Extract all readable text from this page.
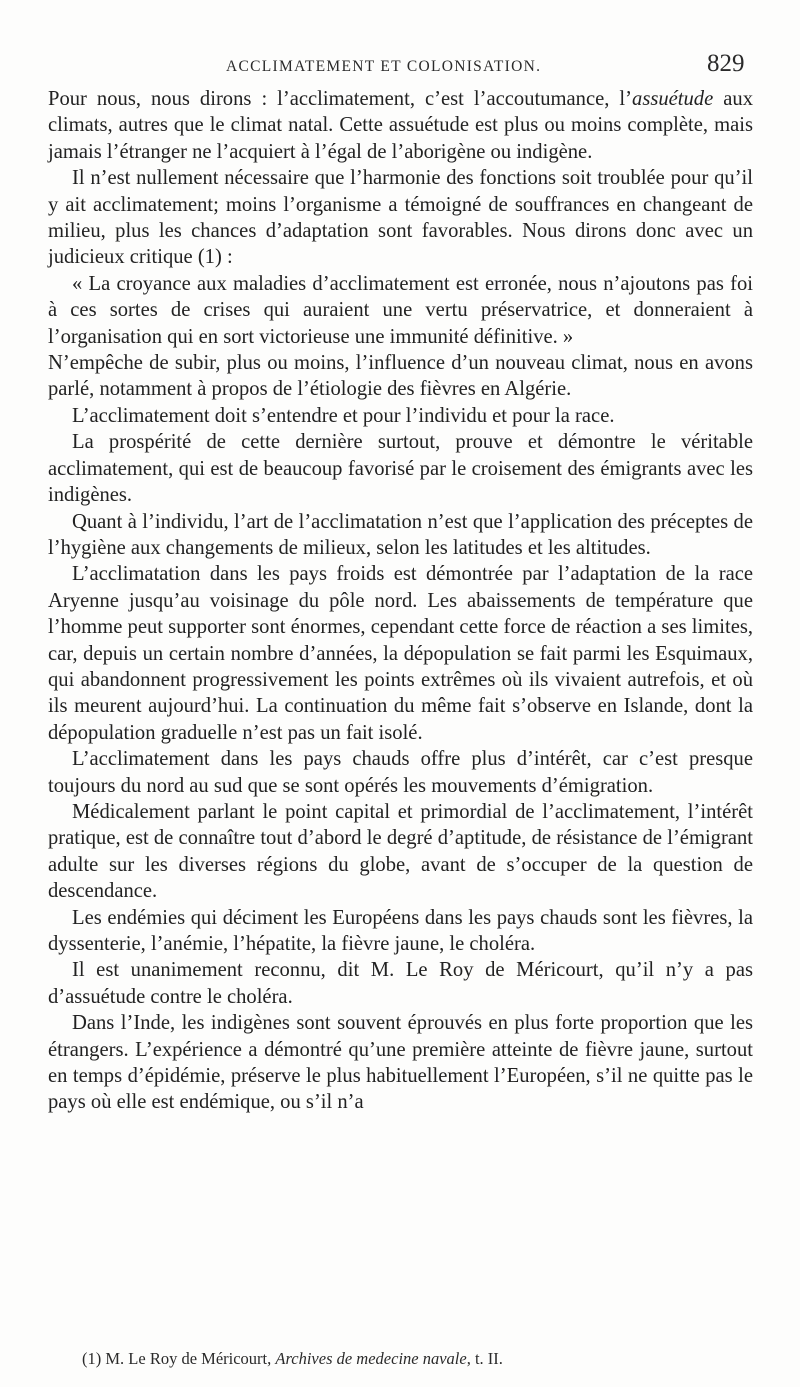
ACCLIMATEMENT ET COLONISATION.	829

Pour nous, nous dirons : l’acclimatement, c’est l’accoutumance, l’assuétude aux climats, autres que le climat natal. Cette assuétude est plus ou moins complète, mais jamais l’étranger ne l’acquiert à l’égal de l’aborigène ou indigène.

Il n’est nullement nécessaire que l’harmonie des fonctions soit troublée pour qu’il y ait acclimatement; moins l’organisme a témoigné de souffrances en changeant de milieu, plus les chances d’adaptation sont favorables. Nous dirons donc avec un judicieux critique (1) :

« La croyance aux maladies d’acclimatement est erronée, nous n’ajoutons pas foi à ces sortes de crises qui auraient une vertu préservatrice, et donneraient à l’organisation qui en sort victorieuse une immunité définitive. »

N’empêche de subir, plus ou moins, l’influence d’un nouveau climat, nous en avons parlé, notamment à propos de l’étiologie des fièvres en Algérie.

L’acclimatement doit s’entendre et pour l’individu et pour la race.

La prospérité de cette dernière surtout, prouve et démontre le véritable acclimatement, qui est de beaucoup favorisé par le croisement des émigrants avec les indigènes.

Quant à l’individu, l’art de l’acclimatation n’est que l’application des préceptes de l’hygiène aux changements de milieux, selon les latitudes et les altitudes.

L’acclimatation dans les pays froids est démontrée par l’adaptation de la race Aryenne jusqu’au voisinage du pôle nord. Les abaissements de température que l’homme peut supporter sont énormes, cependant cette force de réaction a ses limites, car, depuis un certain nombre d’années, la dépopulation se fait parmi les Esquimaux, qui abandonnent progressivement les points extrêmes où ils vivaient autrefois, et où ils meurent aujourd’hui. La continuation du même fait s’observe en Islande, dont la dépopulation graduelle n’est pas un fait isolé.

L’acclimatement dans les pays chauds offre plus d’intérêt, car c’est presque toujours du nord au sud que se sont opérés les mouvements d’émigration.

Médicalement parlant le point capital et primordial de l’acclimatement, l’intérêt pratique, est de connaître tout d’abord le degré d’aptitude, de résistance de l’émigrant adulte sur les diverses régions du globe, avant de s’occuper de la question de descendance.

Les endémies qui déciment les Européens dans les pays chauds sont les fièvres, la dyssenterie, l’anémie, l’hépatite, la fièvre jaune, le choléra.

Il est unanimement reconnu, dit M. Le Roy de Méricourt, qu’il n’y a pas d’assuétude contre le choléra.

Dans l’Inde, les indigènes sont souvent éprouvés en plus forte proportion que les étrangers. L’expérience a démontré qu’une première atteinte de fièvre jaune, surtout en temps d’épidémie, préserve le plus habituellement l’Européen, s’il ne quitte pas le pays où elle est endémique, ou s’il n’a

(1) M. Le Roy de Méricourt, Archives de medecine navale, t. II.
